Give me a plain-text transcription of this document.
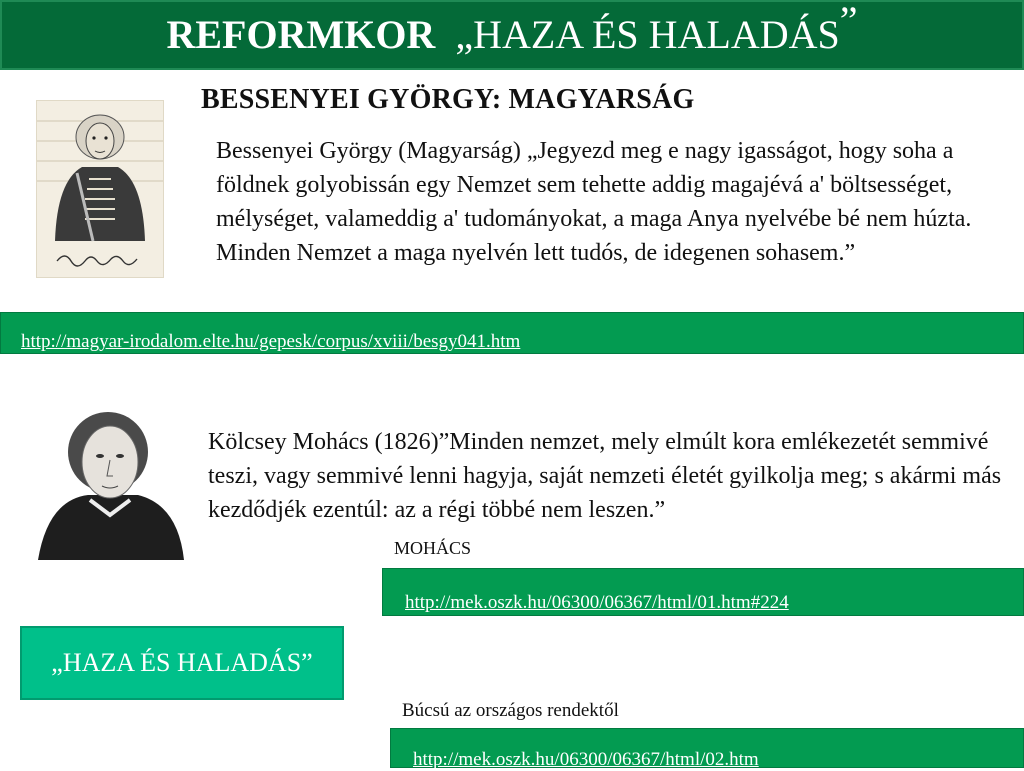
REFORMKOR „HAZA ÉS HALADÁS”
BESSENYEI GYÖRGY: MAGYARSÁG
Bessenyei György (Magyarság) „Jegyezd meg e nagy igasságot, hogy soha a földnek golyobissán egy Nemzet sem tehette addig magajévá a' böltsességet, mélységet, valameddig a' tudományokat, a maga Anya nyelvébe bé nem húzta. Minden Nemzet a maga nyelvén lett tudós, de idegenen sohasem.”
http://magyar-irodalom.elte.hu/gepesk/corpus/xviii/besgy041.htm
Kölcsey Mohács (1826)”Minden nemzet, mely elmúlt kora emlékezetét semmivé teszi, vagy semmivé lenni hagyja, saját nemzeti életét gyilkolja meg; s akármi más kezdődjék ezentúl: az a régi többé nem leszen.”
MOHÁCS
http://mek.oszk.hu/06300/06367/html/01.htm#224
„HAZA ÉS HALADÁS”
Búcsú az országos rendektől
http://mek.oszk.hu/06300/06367/html/02.htm
